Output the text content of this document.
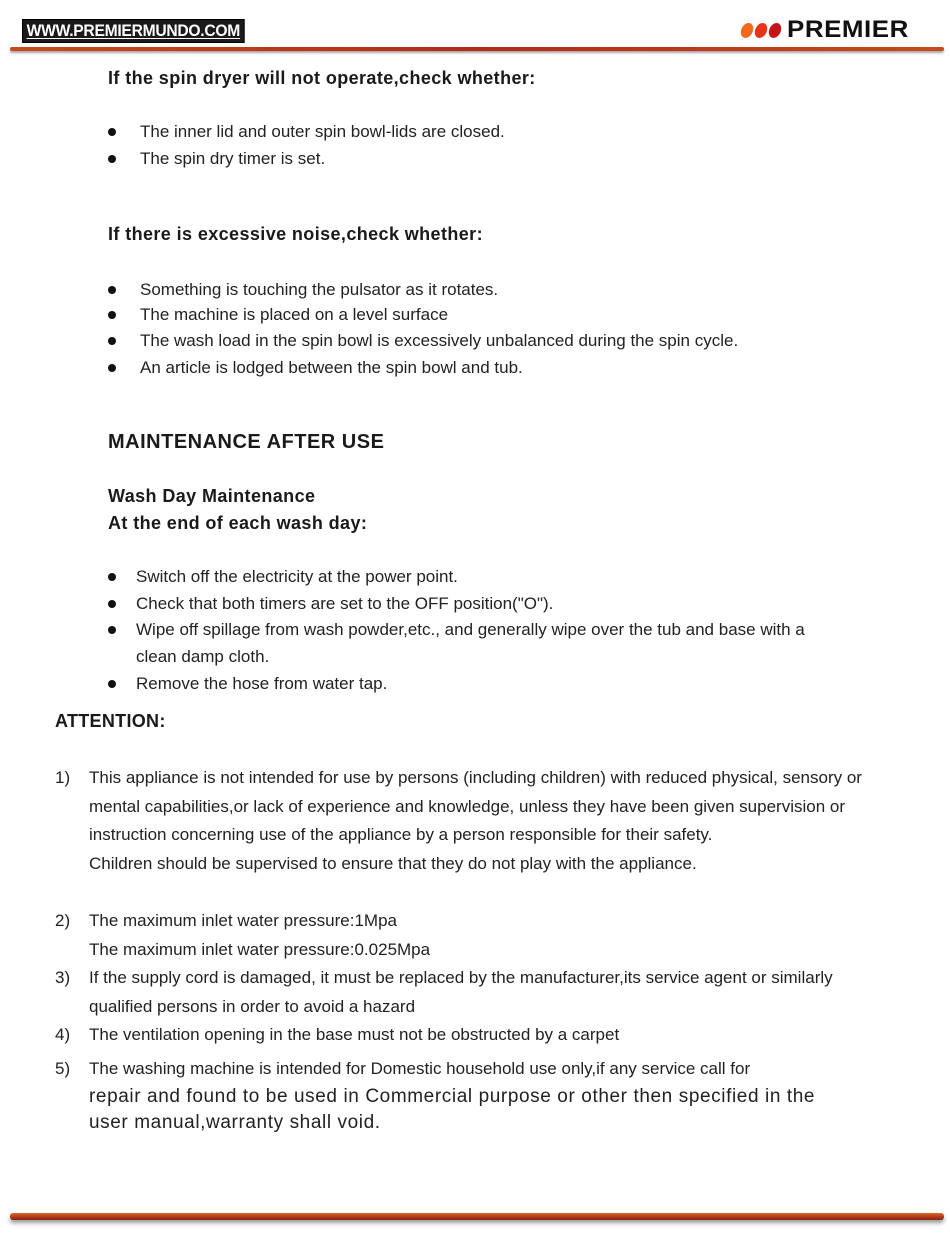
WWW.PREMIERMUNDO.COM	PREMIER
If the spin dryer will not operate,check whether:
The inner lid and outer spin bowl-lids are closed.
The spin dry timer is set.
If there is excessive noise,check whether:
Something is touching the pulsator as it rotates.
The machine is placed on a level surface
The wash load in the spin bowl is excessively unbalanced during the spin cycle.
An article is lodged between the spin bowl and tub.
MAINTENANCE AFTER USE
Wash Day Maintenance
At the end of each wash day:
Switch off the electricity at the power point.
Check that both timers are set to the OFF position("O").
Wipe off spillage from wash powder,etc., and generally wipe over the tub and base with a clean damp cloth.
Remove the hose from water tap.
ATTENTION:
1)	This appliance is not intended for use by persons (including children) with reduced physical, sensory or mental capabilities,or lack of experience and knowledge, unless they have been given supervision or instruction concerning use of the appliance by a person responsible for their safety.
Children should be supervised to ensure that they do not play with the appliance.
2)	The maximum inlet water pressure:1Mpa
The maximum inlet water pressure:0.025Mpa
3)	If the supply cord is damaged, it must be replaced by the manufacturer,its service agent or similarly qualified persons in order to avoid a hazard
4)	The ventilation opening in the base must not be obstructed by a carpet
5)	The washing machine is intended for Domestic household use only,if any service call for
repair and found to be used in Commercial purpose or other then specified in the user manual,warranty shall void.
